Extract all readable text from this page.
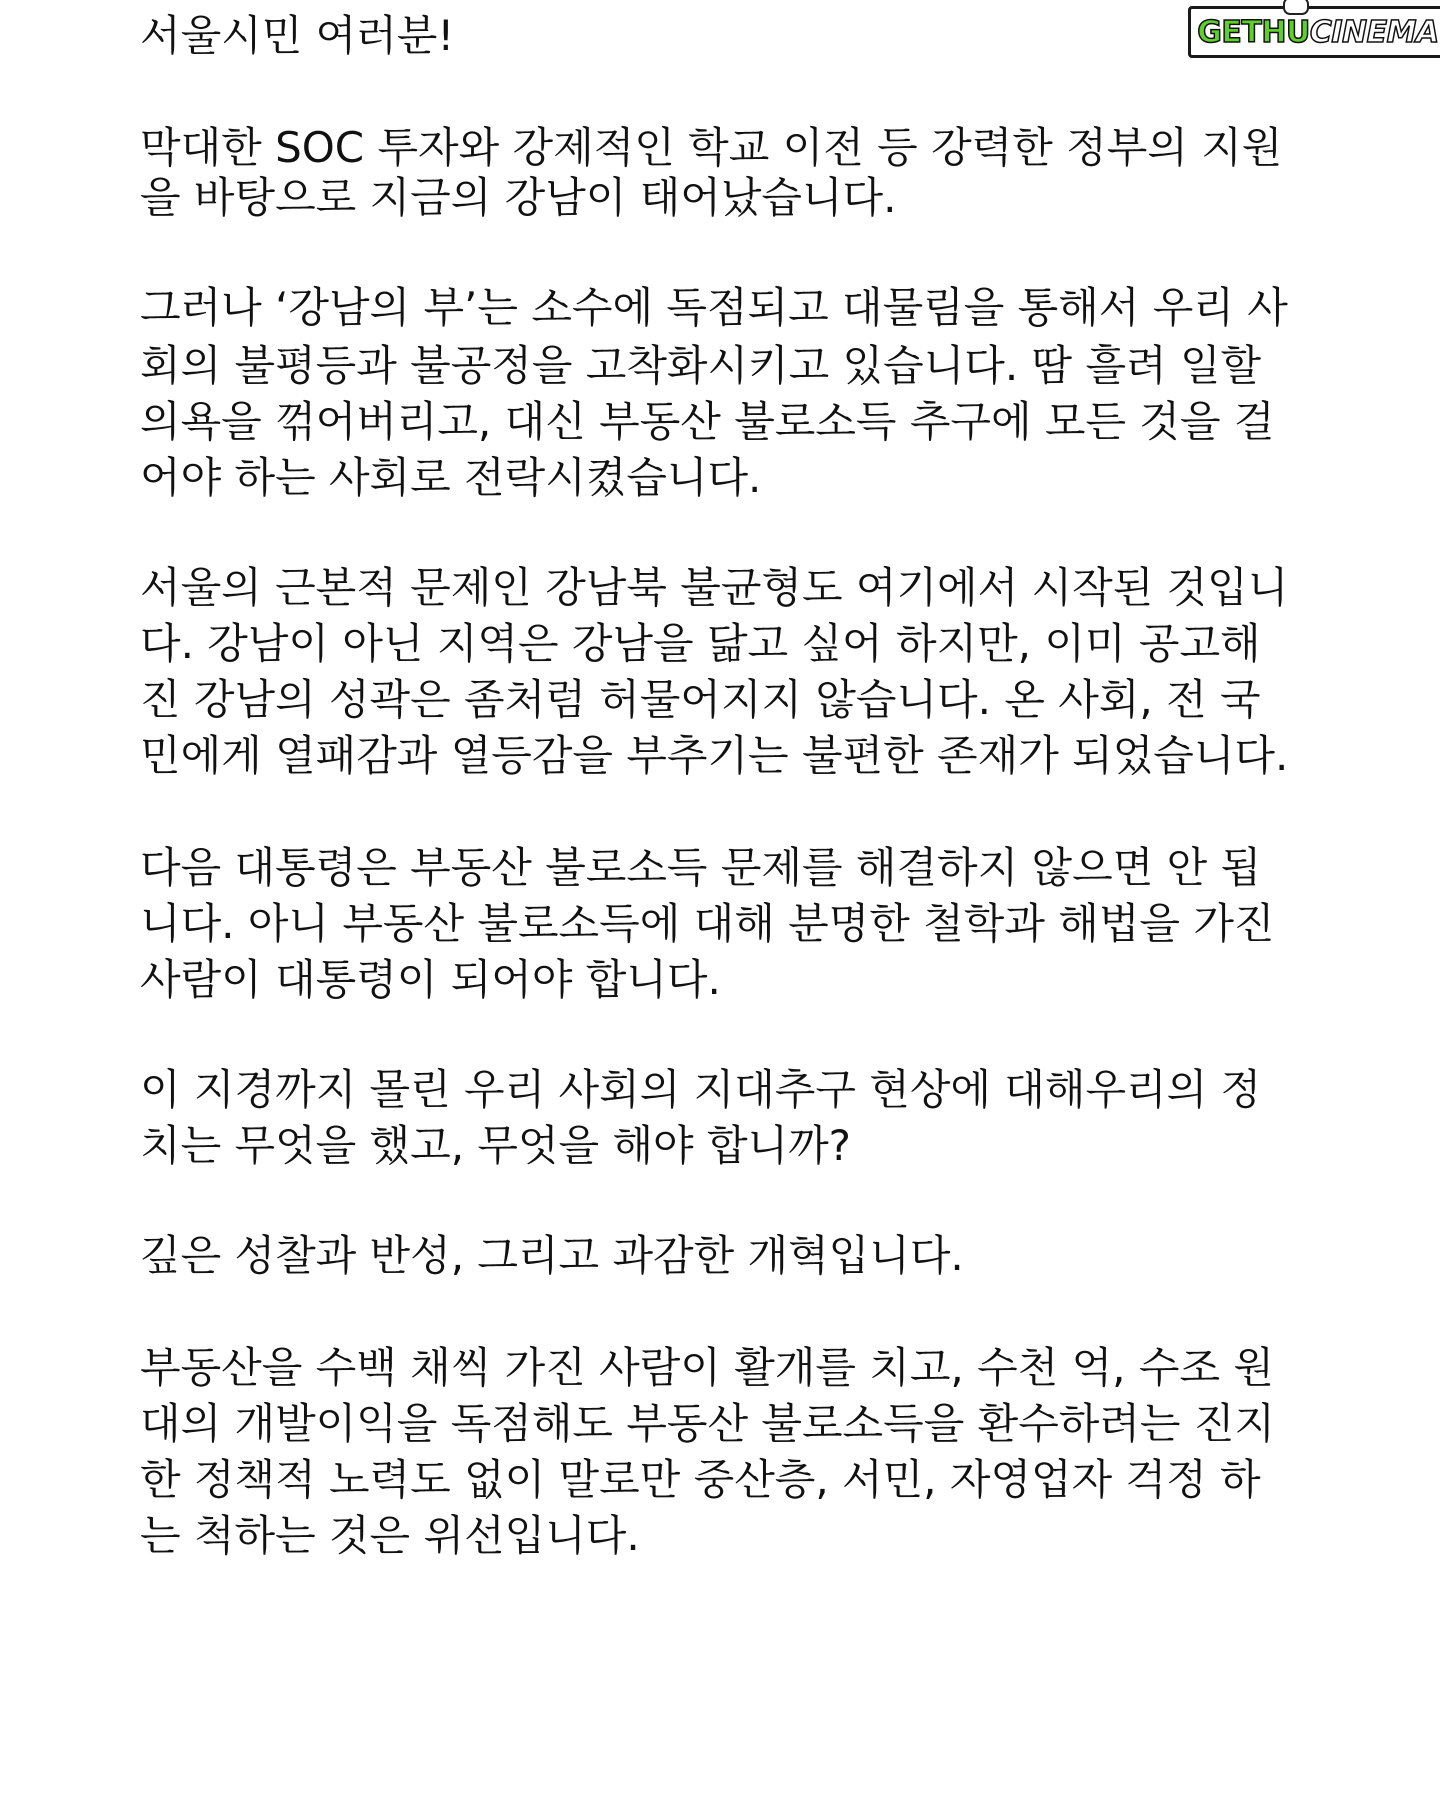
GETHU CINEMA
서울시민 여러분!
막대한 SOC 투자와 강제적인 학교 이전 등 강력한 정부의 지원
을 바탕으로 지금의 강남이 태어났습니다.
그러나 ‘강남의 부’는 소수에 독점되고 대물림을 통해서 우리 사
회의 불평등과 불공정을 고착화시키고 있습니다. 땀 흘려 일할
의욕을 꺾어버리고, 대신 부동산 불로소득 추구에 모든 것을 걸
어야 하는 사회로 전락시켰습니다.
서울의 근본적 문제인 강남북 불균형도 여기에서 시작된 것입니
다. 강남이 아닌 지역은 강남을 닮고 싶어 하지만, 이미 공고해
진 강남의 성곽은 좀처럼 허물어지지 않습니다. 온 사회, 전 국
민에게 열패감과 열등감을 부추기는 불편한 존재가 되었습니다.
다음 대통령은 부동산 불로소득 문제를 해결하지 않으면 안 됩
니다. 아니 부동산 불로소득에 대해 분명한 철학과 해법을 가진
사람이 대통령이 되어야 합니다.
이 지경까지 몰린 우리 사회의 지대추구 현상에 대해우리의 정
치는 무엇을 했고, 무엇을 해야 합니까?
깊은 성찰과 반성, 그리고 과감한 개혁입니다.
부동산을 수백 채씩 가진 사람이 활개를 치고, 수천 억, 수조 원
대의 개발이익을 독점해도 부동산 불로소득을 환수하려는 진지
한 정책적 노력도 없이 말로만 중산층, 서민, 자영업자 걱정 하
는 척하는 것은 위선입니다.
